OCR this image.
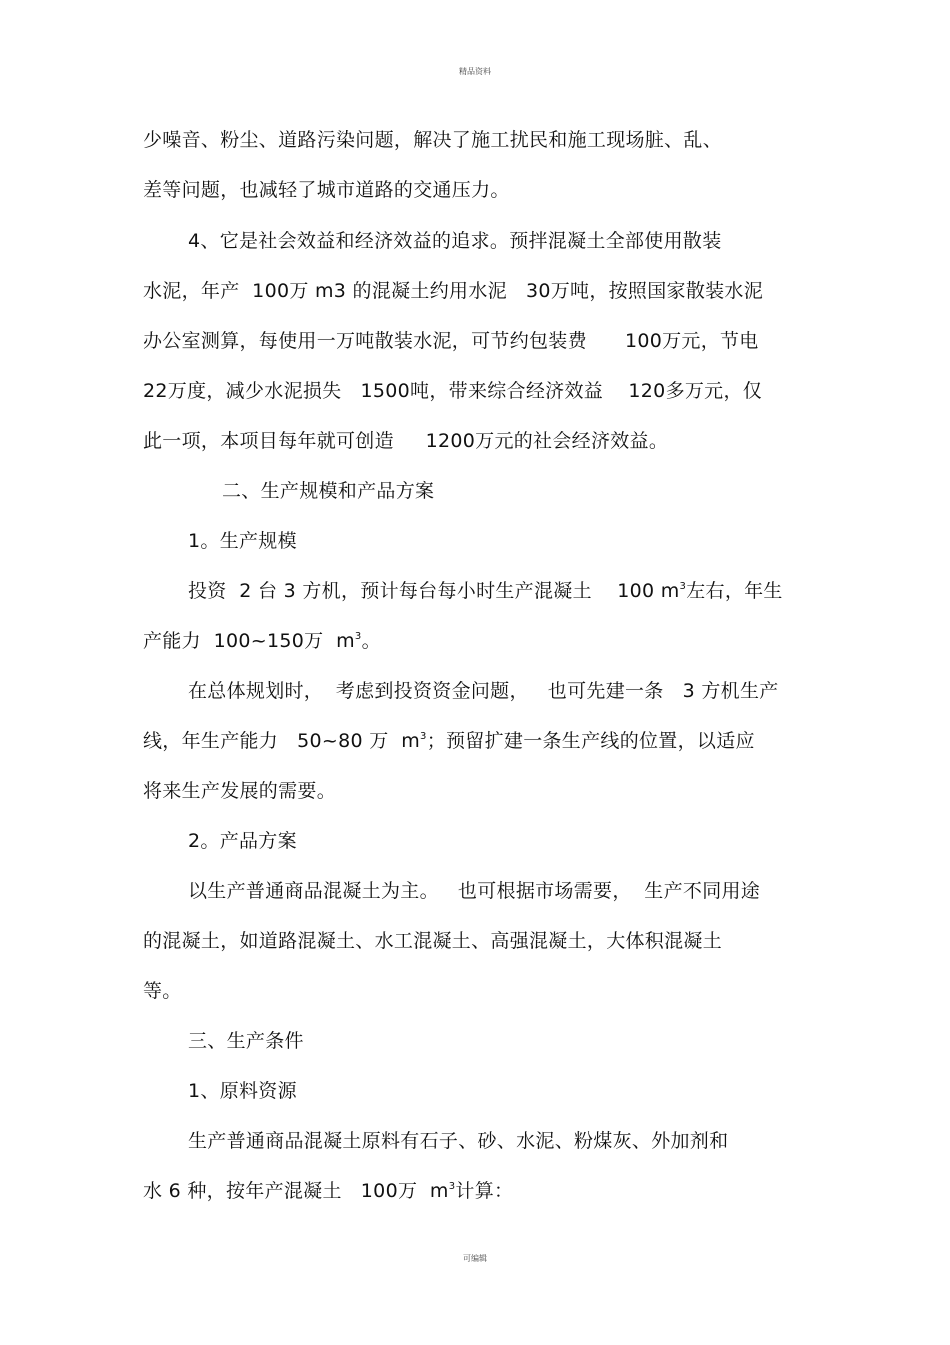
精品资料
少噪音、粉尘、道路污染问题，解决了施工扰民和施工现场脏、乱、
差等问题，也减轻了城市道路的交通压力。
4、它是社会效益和经济效益的追求。预拌混凝土全部使用散装
水泥，年产  100万 m3 的混凝土约用水泥   30万吨，按照国家散装水泥
办公室测算，每使用一万吨散装水泥，可节约包装费      100万元，节电
22万度，减少水泥损失   1500吨，带来综合经济效益    120多万元，仅
此一项，本项目每年就可创造     1200万元的社会经济效益。
二、生产规模和产品方案
1。生产规模
投资  2 台 3 方机，预计每台每小时生产混凝土    100 $m^3$左右，年生
产能力  100~150万  $m^3$。
在总体规划时，  考虑到投资资金问题，   也可先建一条   3 方机生产
线，年生产能力   50~80 万  $m^3$；预留扩建一条生产线的位置，以适应
将来生产发展的需要。
2。产品方案
以生产普通商品混凝土为主。   也可根据市场需要，  生产不同用途
的混凝土，如道路混凝土、水工混凝土、高强混凝土，大体积混凝土
等。
三、生产条件
1、原料资源
生产普通商品混凝土原料有石子、砂、水泥、粉煤灰、外加剂和
水 6 种，按年产混凝土   100万  $m^3$计算：
可编辑
